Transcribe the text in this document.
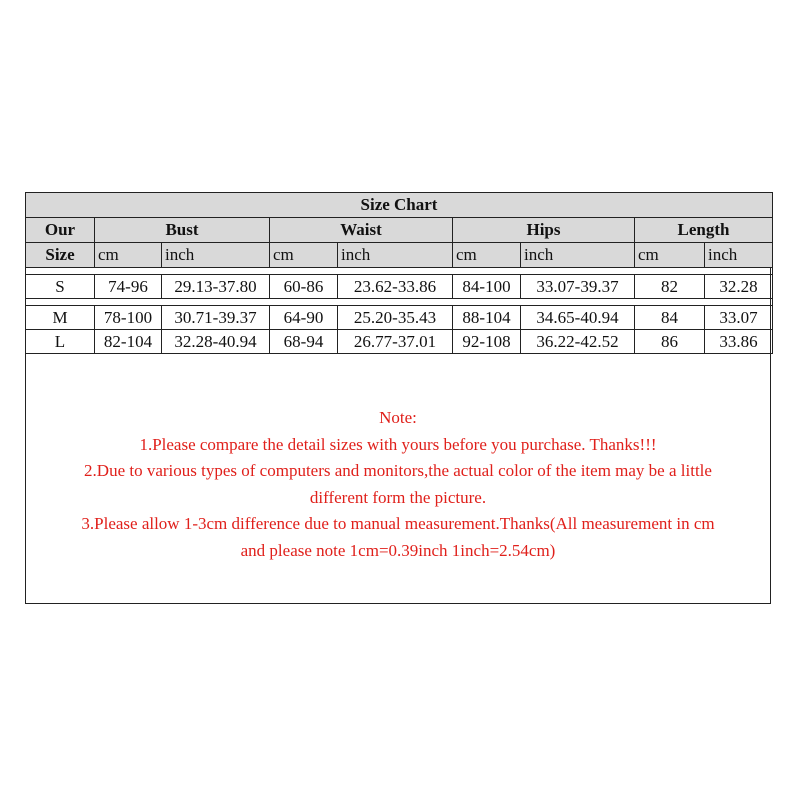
Size Chart								
Our	Bust		Waist		Hips		Length	
Size	cm	inch	cm	inch	cm	inch	cm	inch

S	74-96	29.13-37.80	60-86	23.62-33.86	84-100	33.07-39.37	82	32.28

M	78-100	30.71-39.37	64-90	25.20-35.43	88-104	34.65-40.94	84	33.07
L	82-104	32.28-40.94	68-94	26.77-37.01	92-108	36.22-42.52	86	33.86
Note:
1.Please compare the detail sizes with yours before you purchase. Thanks!!!
2.Due to various types of computers and monitors,the actual color of the item may be a little
different form the picture.
3.Please allow 1-3cm difference due to manual measurement.Thanks(All measurement in cm
and please note 1cm=0.39inch 1inch=2.54cm)
